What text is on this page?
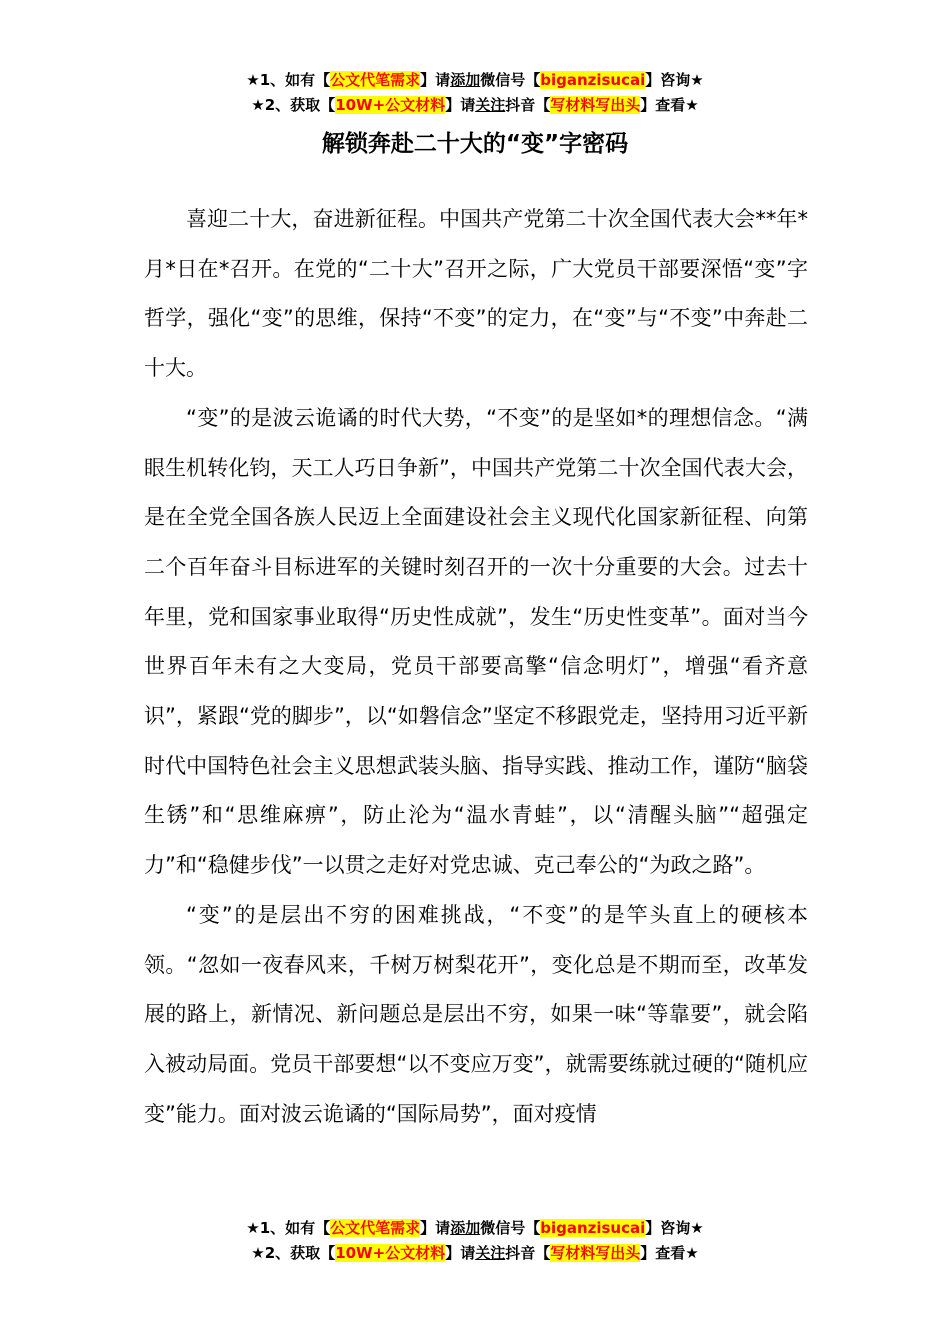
★1、如有【公文代笔需求】请添加微信号【biganzisucai】咨询★
★2、获取【10W+公文材料】请关注抖音【写材料写出头】查看★
解锁奔赴二十大的“变”字密码

喜迎二十大，奋进新征程。中国共产党第二十次全国代表大会**年*月*日在*召开。在党的“二十大”召开之际，广大党员干部要深悟“变”字哲学，强化“变”的思维，保持“不变”的定力，在“变”与“不变”中奔赴二十大。

“变”的是波云诡谲的时代大势，“不变”的是坚如*的理想信念。“满眼生机转化钧，天工人巧日争新”，中国共产党第二十次全国代表大会，是在全党全国各族人民迈上全面建设社会主义现代化国家新征程、向第二个百年奋斗目标进军的关键时刻召开的一次十分重要的大会。过去十年里，党和国家事业取得“历史性成就”，发生“历史性变革”。面对当今世界百年未有之大变局，党员干部要高擎“信念明灯”，增强“看齐意识”，紧跟“党的脚步”，以“如磐信念”坚定不移跟党走，坚持用习近平新时代中国特色社会主义思想武装头脑、指导实践、推动工作，谨防“脑袋生锈”和“思维麻痹”，防止沦为“温水青蛙”，以“清醒头脑”“超强定力”和“稳健步伐”一以贯之走好对党忠诚、克己奉公的“为政之路”。

“变”的是层出不穷的困难挑战，“不变”的是竿头直上的硬核本领。“忽如一夜春风来，千树万树梨花开”，变化总是不期而至，改革发展的路上，新情况、新问题总是层出不穷，如果一味“等靠要”，就会陷入被动局面。党员干部要想“以不变应万变”，就需要练就过硬的“随机应变”能力。面对波云诡谲的“国际局势”，面对疫情

★1、如有【公文代笔需求】请添加微信号【biganzisucai】咨询★
★2、获取【10W+公文材料】请关注抖音【写材料写出头】查看★
